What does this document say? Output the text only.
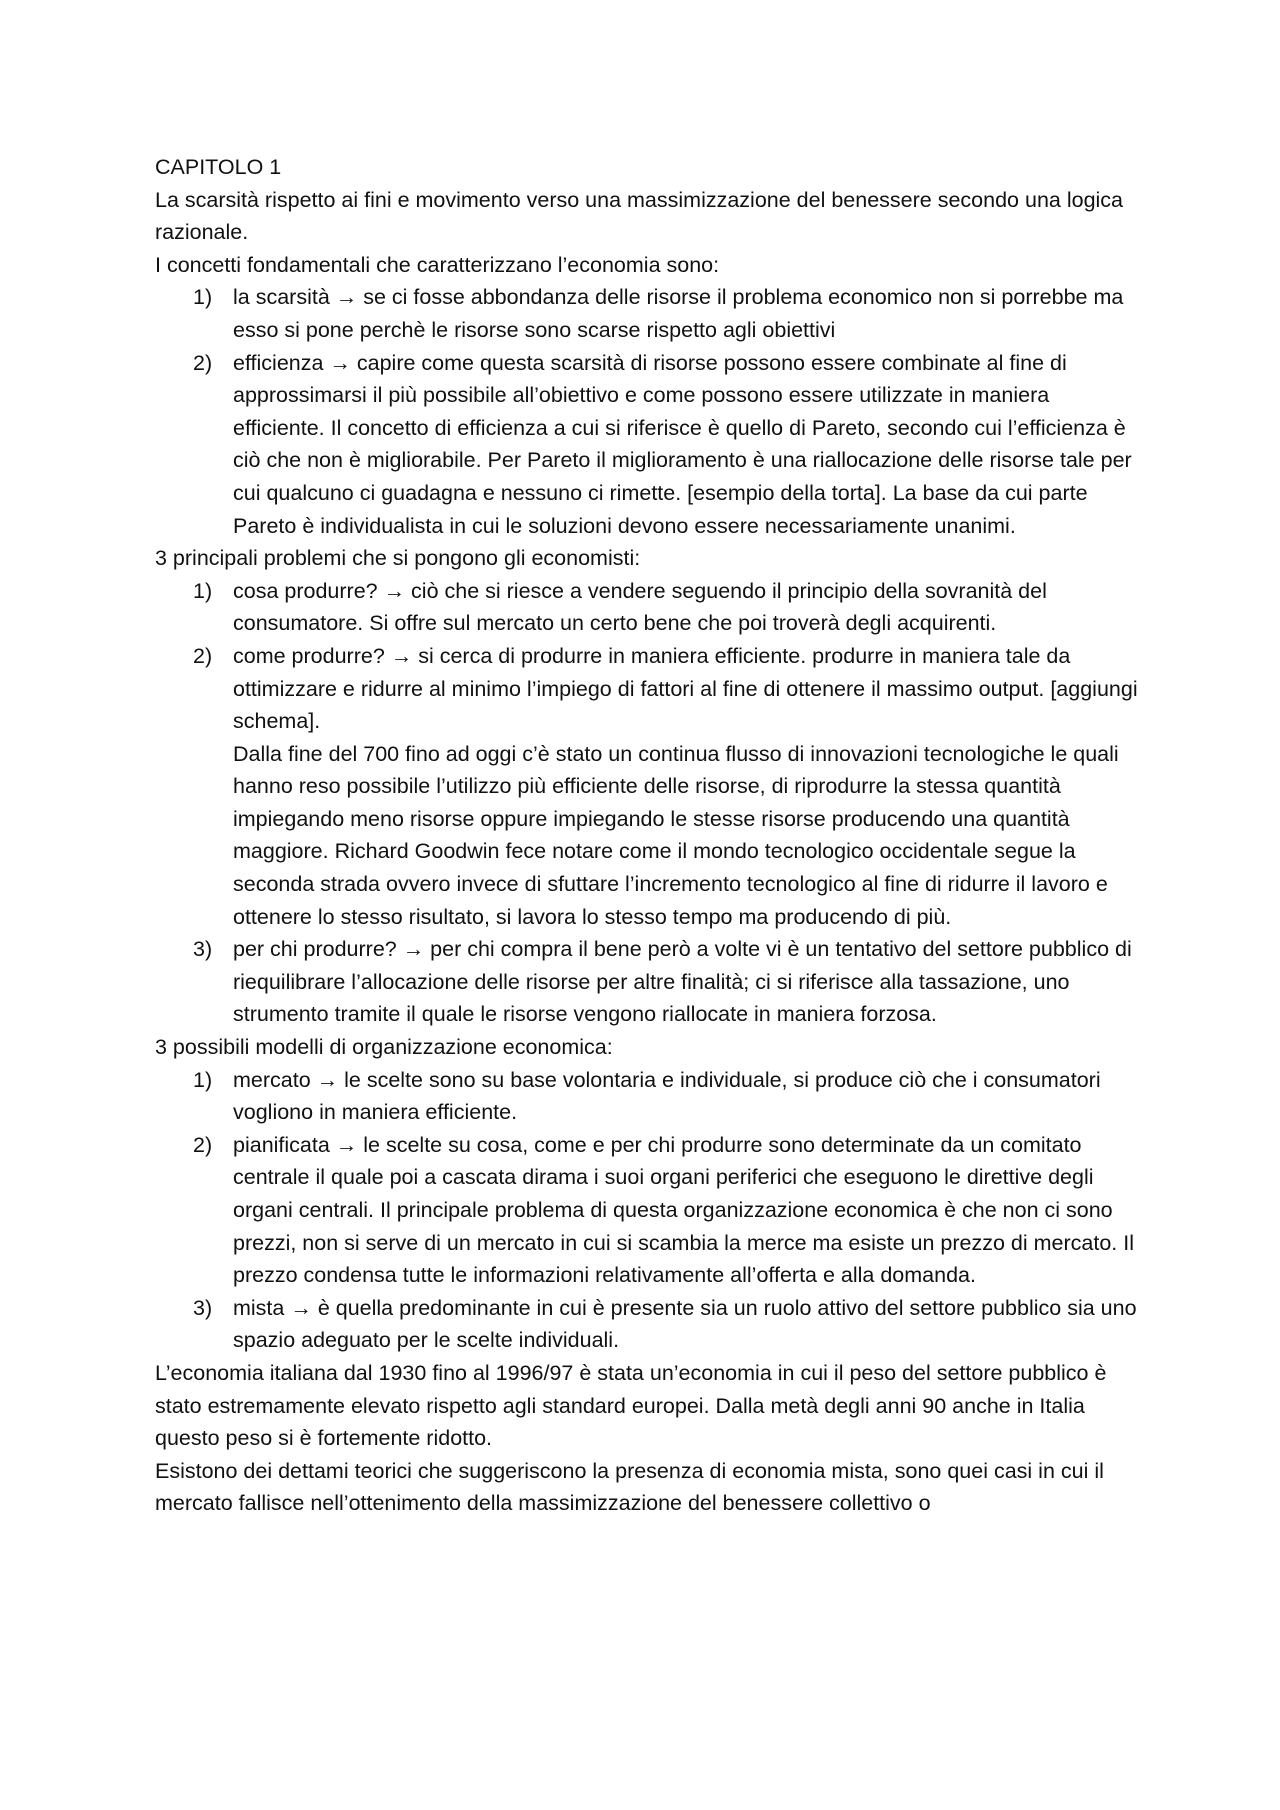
CAPITOLO 1

La scarsità rispetto ai fini e movimento verso una massimizzazione del benessere secondo una logica razionale.

I concetti fondamentali che caratterizzano l’economia sono:

1) la scarsità → se ci fosse abbondanza delle risorse il problema economico non si porrebbe ma esso si pone perchè le risorse sono scarse rispetto agli obiettivi

2) efficienza → capire come questa scarsità di risorse possono essere combinate al fine di approssimarsi il più possibile all’obiettivo e come possono essere utilizzate in maniera efficiente. Il concetto di efficienza a cui si riferisce è quello di Pareto, secondo cui l’efficienza è ciò che non è migliorabile. Per Pareto il miglioramento è una riallocazione delle risorse tale per cui qualcuno ci guadagna e nessuno ci rimette. [esempio della torta]. La base da cui parte Pareto è individualista in cui le soluzioni devono essere necessariamente unanimi.

3 principali problemi che si pongono gli economisti:

1) cosa produrre? → ciò che si riesce a vendere seguendo il principio della sovranità del consumatore. Si offre sul mercato un certo bene che poi troverà degli acquirenti.

2) come produrre? → si cerca di produrre in maniera efficiente. produrre in maniera tale da ottimizzare e ridurre al minimo l’impiego di fattori al fine di ottenere il massimo output. [aggiungi schema].

Dalla fine del 700 fino ad oggi c’è stato un continua flusso di innovazioni tecnologiche le quali hanno reso possibile l’utilizzo più efficiente delle risorse, di riprodurre la stessa quantità impiegando meno risorse oppure impiegando le stesse risorse producendo una quantità maggiore. Richard Goodwin fece notare come il mondo tecnologico occidentale segue la seconda strada ovvero invece di sfuttare l’incremento tecnologico al fine di ridurre il lavoro e ottenere lo stesso risultato, si lavora lo stesso tempo ma producendo di più.

3) per chi produrre? → per chi compra il bene però a volte vi è un tentativo del settore pubblico di riequilibrare l’allocazione delle risorse per altre finalità; ci si riferisce alla tassazione, uno strumento tramite il quale le risorse vengono riallocate in maniera forzosa.

3 possibili modelli di organizzazione economica:

1) mercato → le scelte sono su base volontaria e individuale, si produce ciò che i consumatori vogliono in maniera efficiente.

2) pianificata → le scelte su cosa, come e per chi produrre sono determinate da un comitato centrale il quale poi a cascata dirama i suoi organi periferici che eseguono le direttive degli organi centrali. Il principale problema di questa organizzazione economica è che non ci sono prezzi, non si serve di un mercato in cui si scambia la merce ma esiste un prezzo di mercato. Il prezzo condensa tutte le informazioni relativamente all’offerta e alla domanda.

3) mista → è quella predominante in cui è presente sia un ruolo attivo del settore pubblico sia uno spazio adeguato per le scelte individuali.

L’economia italiana dal 1930 fino al 1996/97 è stata un’economia in cui il peso del settore pubblico è stato estremamente elevato rispetto agli standard europei. Dalla metà degli anni 90 anche in Italia questo peso si è fortemente ridotto.

Esistono dei dettami teorici che suggeriscono la presenza di economia mista, sono quei casi in cui il mercato fallisce nell’ottenimento della massimizzazione del benessere collettivo o
